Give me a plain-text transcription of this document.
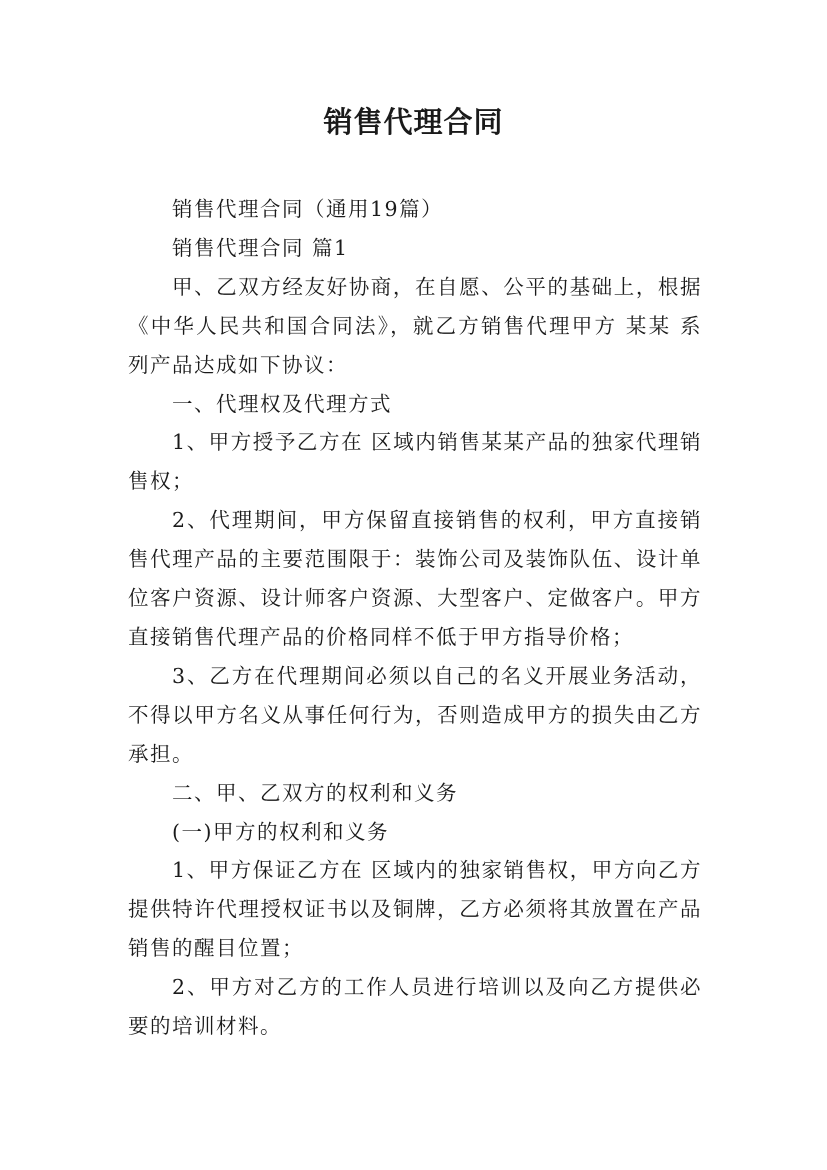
销售代理合同

销售代理合同（通用19篇）

销售代理合同 篇1

甲、乙双方经友好协商，在自愿、公平的基础上，根据《中华人民共和国合同法》，就乙方销售代理甲方 某某 系列产品达成如下协议：

一、代理权及代理方式

1、甲方授予乙方在 区域内销售某某产品的独家代理销售权；

2、代理期间，甲方保留直接销售的权利，甲方直接销售代理产品的主要范围限于：装饰公司及装饰队伍、设计单位客户资源、设计师客户资源、大型客户、定做客户。甲方直接销售代理产品的价格同样不低于甲方指导价格；

3、乙方在代理期间必须以自己的名义开展业务活动，不得以甲方名义从事任何行为，否则造成甲方的损失由乙方承担。

二、甲、乙双方的权利和义务

(一)甲方的权利和义务

1、甲方保证乙方在 区域内的独家销售权，甲方向乙方提供特许代理授权证书以及铜牌，乙方必须将其放置在产品销售的醒目位置；

2、甲方对乙方的工作人员进行培训以及向乙方提供必要的培训材料。
